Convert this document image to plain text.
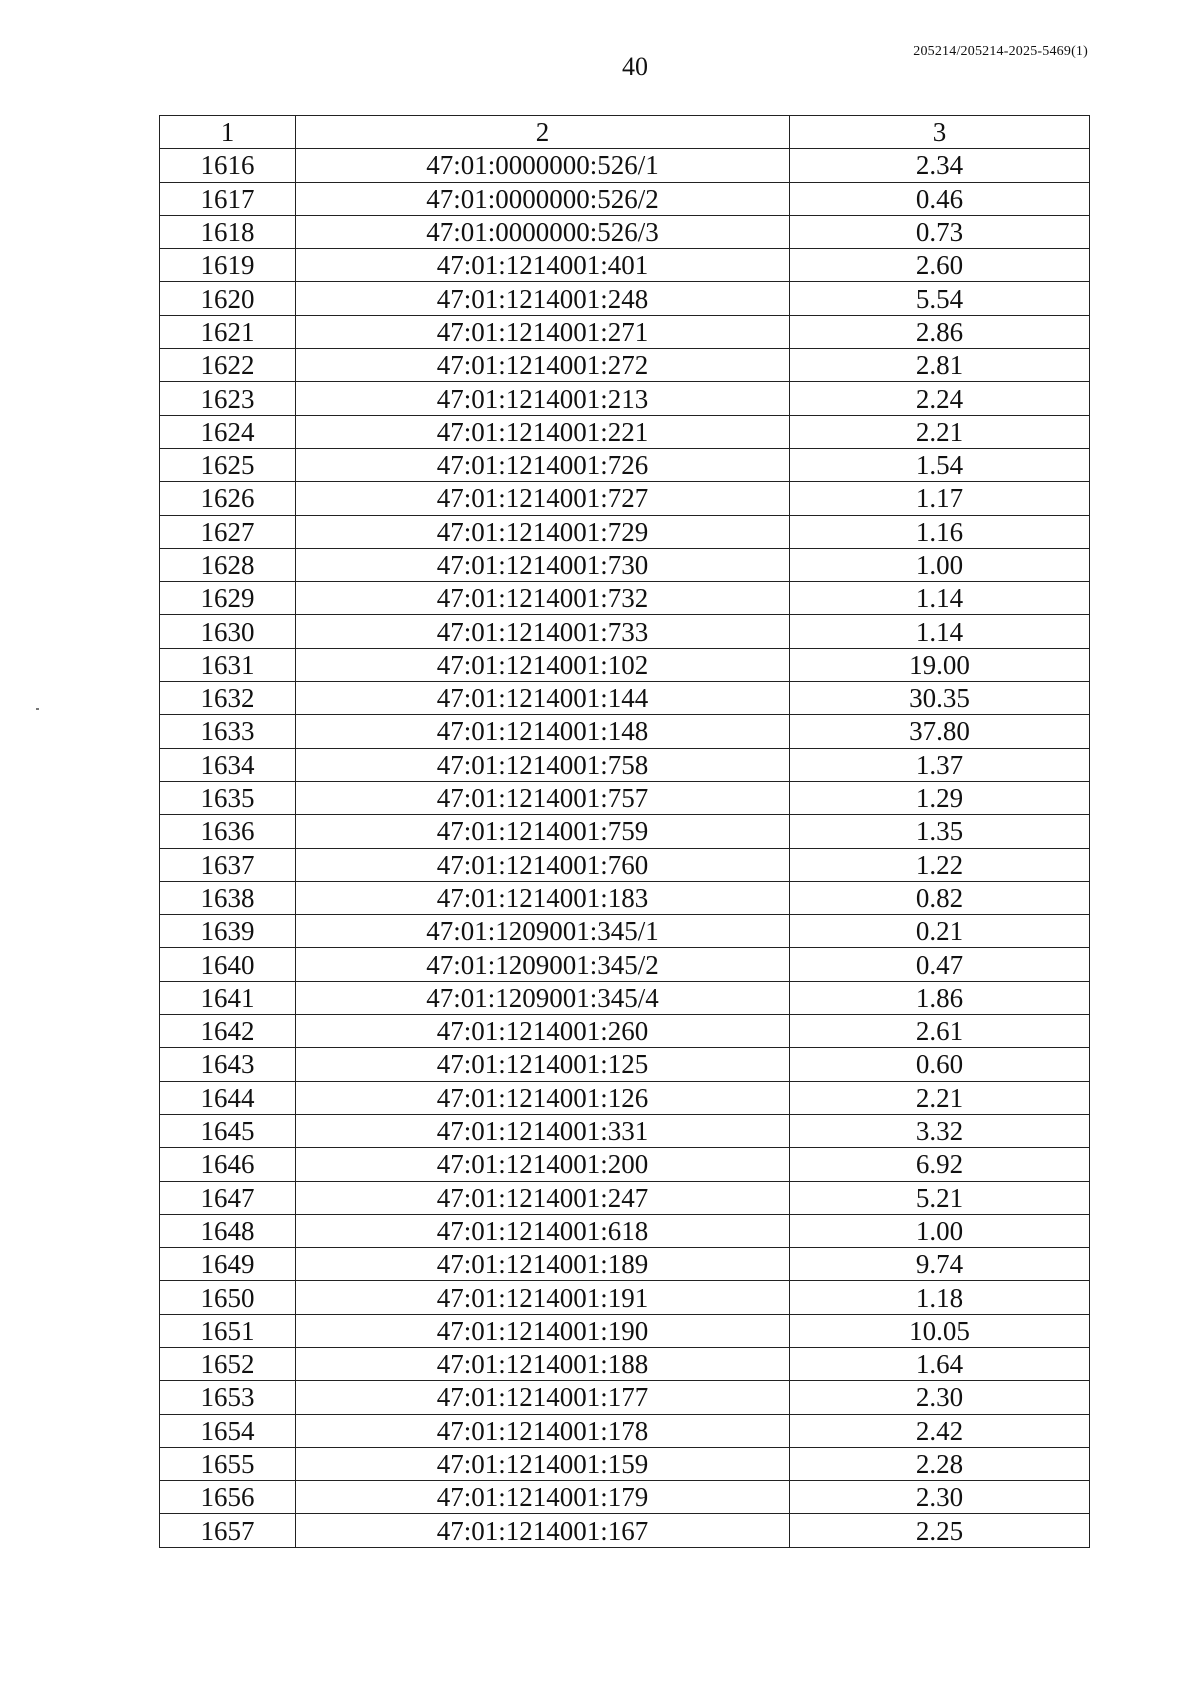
40
205214/205214-2025-5469(1)
1	2	3
1616	47:01:0000000:526/1	2.34
1617	47:01:0000000:526/2	0.46
1618	47:01:0000000:526/3	0.73
1619	47:01:1214001:401	2.60
1620	47:01:1214001:248	5.54
1621	47:01:1214001:271	2.86
1622	47:01:1214001:272	2.81
1623	47:01:1214001:213	2.24
1624	47:01:1214001:221	2.21
1625	47:01:1214001:726	1.54
1626	47:01:1214001:727	1.17
1627	47:01:1214001:729	1.16
1628	47:01:1214001:730	1.00
1629	47:01:1214001:732	1.14
1630	47:01:1214001:733	1.14
1631	47:01:1214001:102	19.00
1632	47:01:1214001:144	30.35
1633	47:01:1214001:148	37.80
1634	47:01:1214001:758	1.37
1635	47:01:1214001:757	1.29
1636	47:01:1214001:759	1.35
1637	47:01:1214001:760	1.22
1638	47:01:1214001:183	0.82
1639	47:01:1209001:345/1	0.21
1640	47:01:1209001:345/2	0.47
1641	47:01:1209001:345/4	1.86
1642	47:01:1214001:260	2.61
1643	47:01:1214001:125	0.60
1644	47:01:1214001:126	2.21
1645	47:01:1214001:331	3.32
1646	47:01:1214001:200	6.92
1647	47:01:1214001:247	5.21
1648	47:01:1214001:618	1.00
1649	47:01:1214001:189	9.74
1650	47:01:1214001:191	1.18
1651	47:01:1214001:190	10.05
1652	47:01:1214001:188	1.64
1653	47:01:1214001:177	2.30
1654	47:01:1214001:178	2.42
1655	47:01:1214001:159	2.28
1656	47:01:1214001:179	2.30
1657	47:01:1214001:167	2.25
